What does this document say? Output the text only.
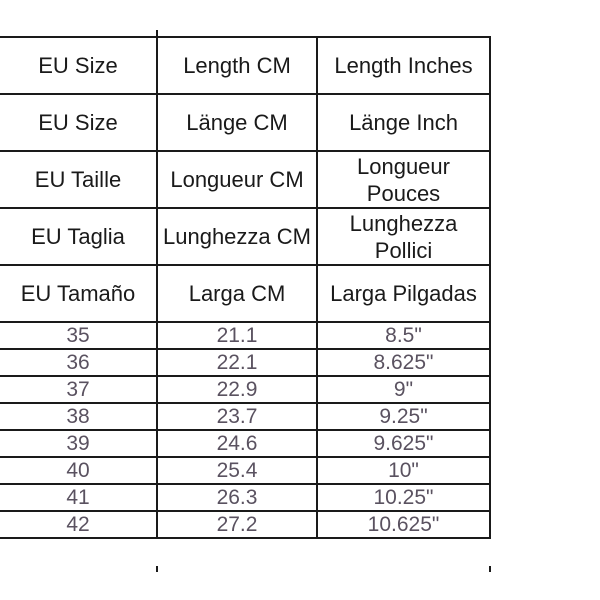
EU Size	Length CM	Length Inches
EU Size	Länge CM	Länge Inch
EU Taille	Longueur CM	Longueur Pouces
EU Taglia	Lunghezza CM	Lunghezza Pollici
EU Tamaño	Larga CM	Larga Pilgadas
35	21.1	8.5"
36	22.1	8.625"
37	22.9	9"
38	23.7	9.25"
39	24.6	9.625"
40	25.4	10"
41	26.3	10.25"
42	27.2	10.625"
